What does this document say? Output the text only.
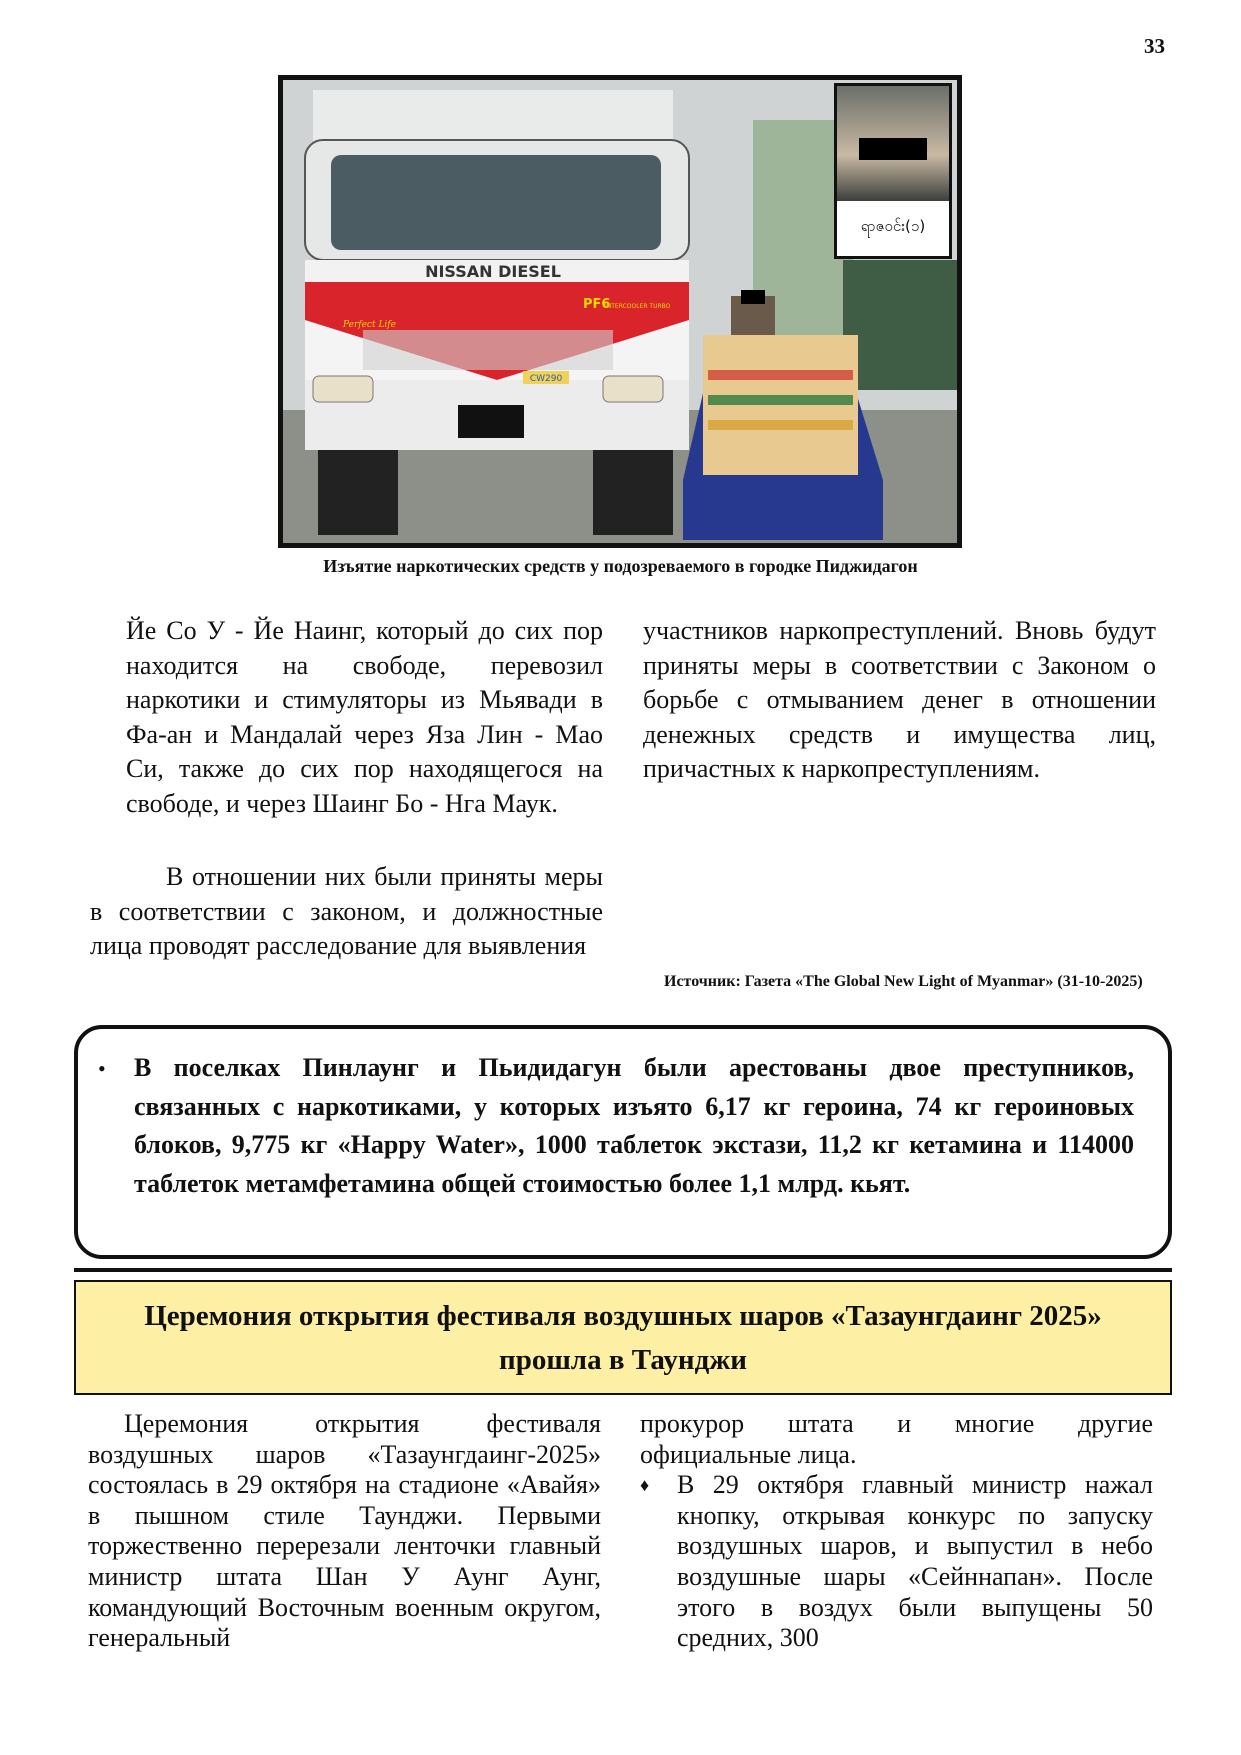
33
NISSAN DIESEL
PF6
INTERCOOLER TURBO
Perfect Life
CW290
ရာဇဝင်း(၁)
Изъятие наркотических средств у подозреваемого в городке Пиджидагон

Йе Со У - Йе Наинг, который до сих пор находится на свободе, перевозил наркотики и стимуляторы из Мьявади в Фа-ан и Мандалай через Яза Лин - Мао Си, также до сих пор находящегося на свободе, и через Шаинг Бо - Нга Маук.

В отношении них были приняты меры в соответствии с законом, и должностные лица проводят расследование для выявления

участников наркопреступлений. Вновь будут приняты меры в соответствии с Законом о борьбе с отмыванием денег в отношении денежных средств и имущества лиц, причастных к наркопреступлениям.

Источник: Газета «The Global New Light of Myanmar» (31-10-2025)
• В поселках Пинлаунг и Пьидидагун были арестованы двое преступников, связанных с наркотиками, у которых изъято 6,17 кг героина, 74 кг героиновых блоков, 9,775 кг «Happy Water», 1000 таблеток экстази, 11,2 кг кетамина и 114000 таблеток метамфетамина общей стоимостью более 1,1 млрд. кьят.
Церемония открытия фестиваля воздушных шаров «Тазаунгдаинг 2025»
прошла в Таунджи

Церемония открытия фестиваля воздушных шаров «Тазаунгдаинг-2025» состоялась в 29 октября на стадионе «Авайя» в пышном стиле Таунджи. Первыми торжественно перерезали ленточки главный министр штата Шан У Аунг Аунг, командующий Восточным военным округом, генеральный

прокурор штата и многие другие официальные лица.

♦ В 29 октября главный министр нажал кнопку, открывая конкурс по запуску воздушных шаров, и выпустил в небо воздушные шары «Сейннапан». После этого в воздух были выпущены 50 средних, 300
